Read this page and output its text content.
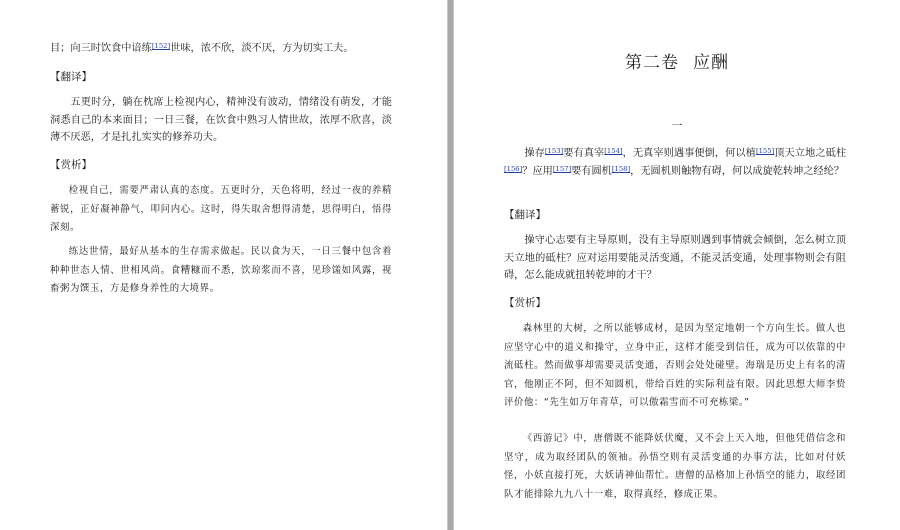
目；向三时饮食中谙练[152]世味，浓不欣，淡不厌，方为切实工夫。

【翻译】

五更时分，躺在枕席上检视内心，精神没有波动，情绪没有萌发，才能洞悉自己的本来面目；一日三餐，在饮食中熟习人情世故，浓厚不欣喜，淡薄不厌恶，才是扎扎实实的修养功夫。

【赏析】

检视自己，需要严肃认真的态度。五更时分，天色将明，经过一夜的养精蓄锐，正好凝神静气，叩问内心。这时，得失取舍想得清楚，思得明白，悟得深刻。

练达世情，最好从基本的生存需求做起。民以食为天，一日三餐中包含着种种世态人情、世相风尚。食糟糠而不悉，饮琼浆而不喜，见珍馐如风露，视畜粥为馔玉，方是修身养性的大境界。

第二卷 应酬
一

操存[153]要有真宰[154]，无真宰则遇事便倒，何以植[155]顶天立地之砥柱[156]？应用[157]要有圆机[158]，无圆机则触物有碍，何以成旋乾转坤之经纶？

【翻译】

操守心志要有主导原则，没有主导原则遇到事情就会倾倒，怎么树立顶天立地的砥柱？应对运用要能灵活变通，不能灵活变通，处理事物则会有阻碍，怎么能成就扭转乾坤的才干？

【赏析】

森林里的大树，之所以能够成材，是因为坚定地朝一个方向生长。做人也应坚守心中的道义和操守，立身中正，这样才能受到信任，成为可以依靠的中流砥柱。然而做事却需要灵活变通，否则会处处碰壁。海瑞是历史上有名的清官，他刚正不阿，但不知圆机，带给百姓的实际利益有限。因此思想大师李贽评价他：“先生如万年青草，可以傲霜雪而不可充栋梁。”

《西游记》中，唐僧既不能降妖伏魔，又不会上天入地，但他凭借信念和坚守，成为取经团队的领袖。孙悟空则有灵活变通的办事方法，比如对付妖怪，小妖直接打死，大妖请神仙帮忙。唐僧的品格加上孙悟空的能力，取经团队才能排除九九八十一难，取得真经，修成正果。
